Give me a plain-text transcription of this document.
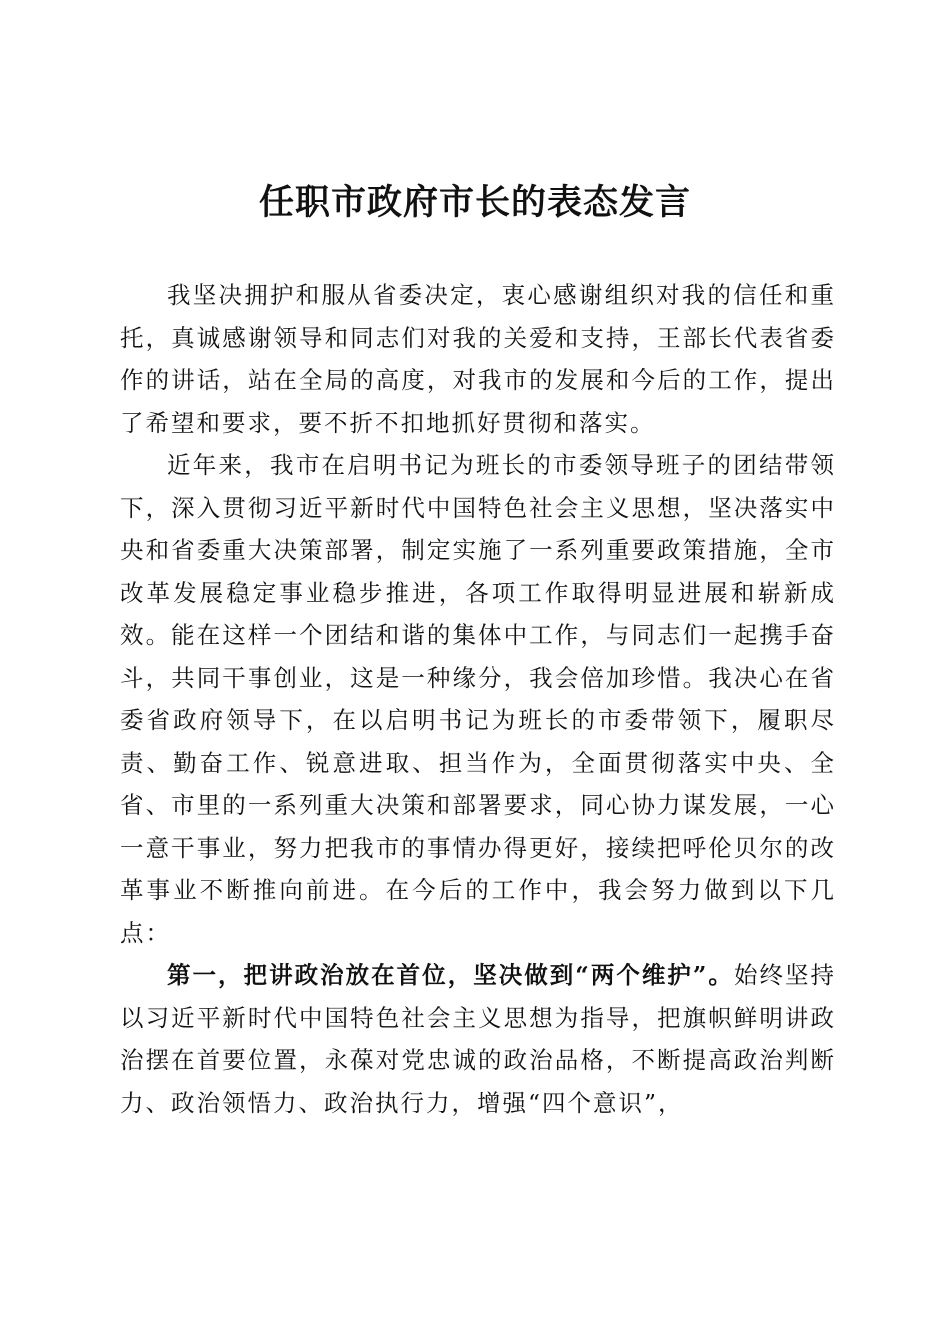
任职市政府市长的表态发言

我坚决拥护和服从省委决定，衷心感谢组织对我的信任和重托，真诚感谢领导和同志们对我的关爱和支持，王部长代表省委作的讲话，站在全局的高度，对我市的发展和今后的工作，提出了希望和要求，要不折不扣地抓好贯彻和落实。

近年来，我市在启明书记为班长的市委领导班子的团结带领下，深入贯彻习近平新时代中国特色社会主义思想，坚决落实中央和省委重大决策部署，制定实施了一系列重要政策措施，全市改革发展稳定事业稳步推进，各项工作取得明显进展和崭新成效。能在这样一个团结和谐的集体中工作，与同志们一起携手奋斗，共同干事创业，这是一种缘分，我会倍加珍惜。我决心在省委省政府领导下，在以启明书记为班长的市委带领下，履职尽责、勤奋工作、锐意进取、担当作为，全面贯彻落实中央、全省、市里的一系列重大决策和部署要求，同心协力谋发展，一心一意干事业，努力把我市的事情办得更好，接续把呼伦贝尔的改革事业不断推向前进。在今后的工作中，我会努力做到以下几点：

第一，把讲政治放在首位，坚决做到“两个维护”。始终坚持以习近平新时代中国特色社会主义思想为指导，把旗帜鲜明讲政治摆在首要位置，永葆对党忠诚的政治品格，不断提高政治判断力、政治领悟力、政治执行力，增强“四个意识”，
